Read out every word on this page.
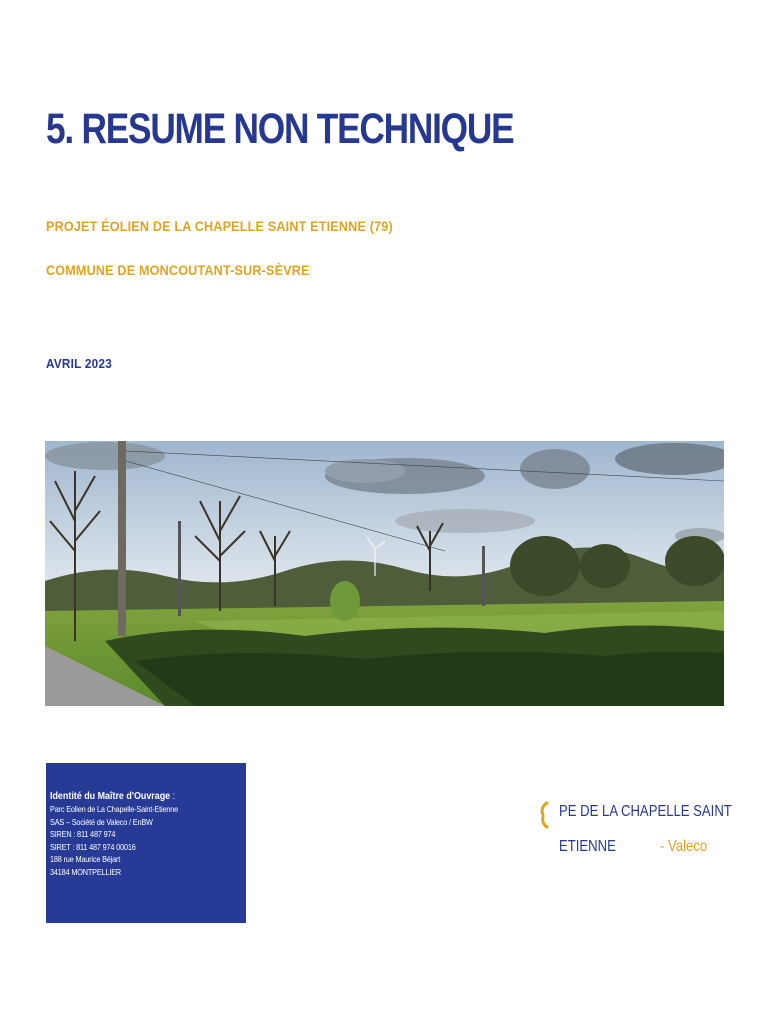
5. RESUME NON TECHNIQUE
PROJET ÉOLIEN DE LA CHAPELLE SAINT ETIENNE (79)
COMMUNE DE MONCOUTANT-SUR-SÈVRE
AVRIL 2023
Identité du Maître d'Ouvrage :
Parc Eolien de La Chapelle-Saint-Etienne
SAS – Société de Valeco / EnBW
SIREN : 811 487 974
SIRET : 811 487 974 00016
188 rue Maurice Béjart
34184 MONTPELLIER
PE DE LA CHAPELLE SAINT
ETIENNE	- Valeco
